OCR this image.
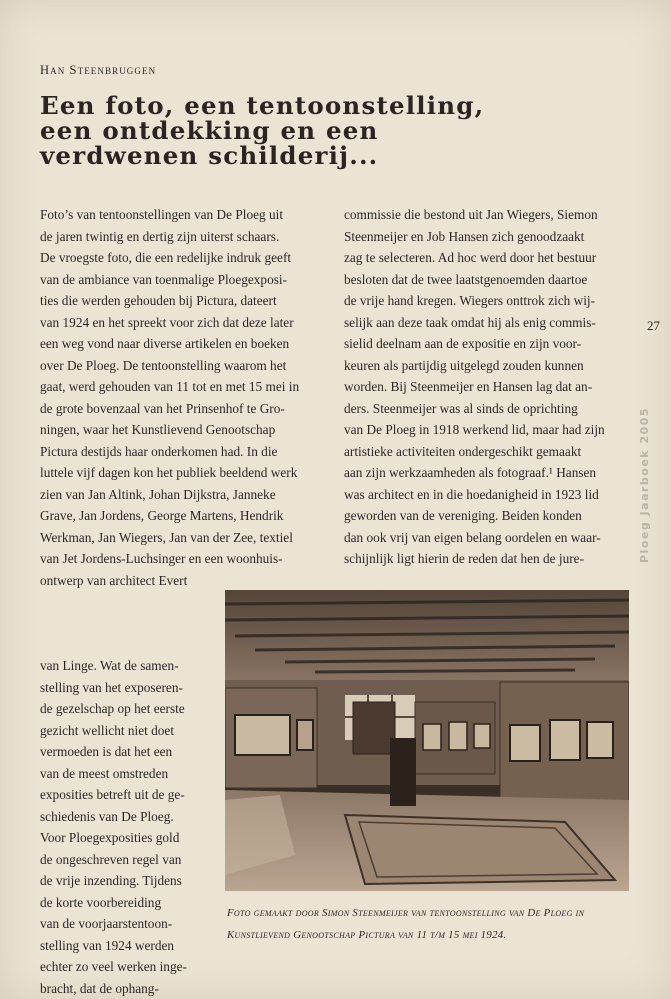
Han Steenbruggen
Een foto, een tentoonstelling,
een ontdekking en een
verdwenen schilderij...
Foto’s van tentoonstellingen van De Ploeg uit
de jaren twintig en dertig zijn uiterst schaars.
De vroegste foto, die een redelijke indruk geeft
van de ambiance van toenmalige Ploegexposi-
ties die werden gehouden bij Pictura, dateert
van 1924 en het spreekt voor zich dat deze later
een weg vond naar diverse artikelen en boeken
over De Ploeg. De tentoonstelling waarom het
gaat, werd gehouden van 11 tot en met 15 mei in
de grote bovenzaal van het Prinsenhof te Gro-
ningen, waar het Kunstlievend Genootschap
Pictura destijds haar onderkomen had. In die
luttele vijf dagen kon het publiek beeldend werk
zien van Jan Altink, Johan Dijkstra, Janneke
Grave, Jan Jordens, George Martens, Hendrik
Werkman, Jan Wiegers, Jan van der Zee, textiel
van Jet Jordens-Luchsinger en een woonhuis-
ontwerp van architect Evert
van Linge. Wat de samen-
stelling van het exposeren-
de gezelschap op het eerste
gezicht wellicht niet doet
vermoeden is dat het een
van de meest omstreden
exposities betreft uit de ge-
schiedenis van De Ploeg.
Voor Ploegexposities gold
de ongeschreven regel van
de vrije inzending. Tijdens
de korte voorbereiding
van de voorjaarstentoon-
stelling van 1924 werden
echter zo veel werken inge-
bracht, dat de ophang-
commissie die bestond uit Jan Wiegers, Siemon
Steenmeijer en Job Hansen zich genoodzaakt
zag te selecteren. Ad hoc werd door het bestuur
besloten dat de twee laatstgenoemden daartoe
de vrije hand kregen. Wiegers onttrok zich wij-
selijk aan deze taak omdat hij als enig commis-
sielid deelnam aan de expositie en zijn voor-
keuren als partijdig uitgelegd zouden kunnen
worden. Bij Steenmeijer en Hansen lag dat an-
ders. Steenmeijer was al sinds de oprichting
van De Ploeg in 1918 werkend lid, maar had zijn
artistieke activiteiten ondergeschikt gemaakt
aan zijn werkzaamheden als fotograaf.¹ Hansen
was architect en in die hoedanigheid in 1923 lid
geworden van de vereniging. Beiden konden
dan ook vrij van eigen belang oordelen en waar-
schijnlijk ligt hierin de reden dat hen de jure-
Foto gemaakt door Simon Steenmeijer van tentoonstelling van De Ploeg in
Kunstlievend Genootschap Pictura van 11 t/m 15 mei 1924.
27
Ploeg Jaarboek 2005
